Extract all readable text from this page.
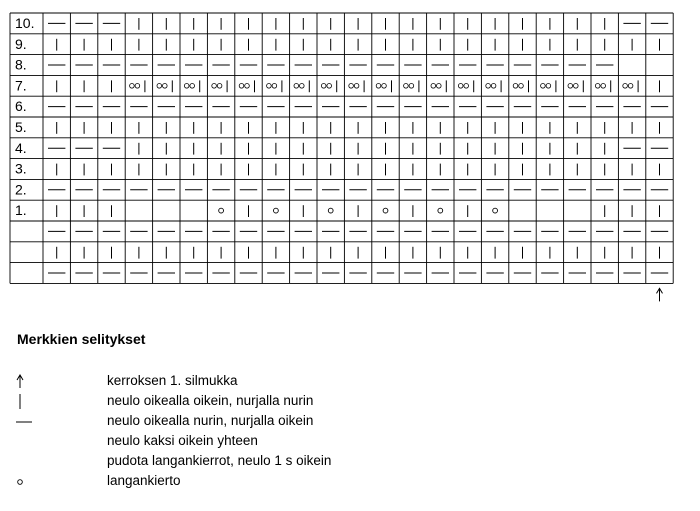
10.
9.
8.
7.
6.
5.
4.
3.
2.
1.
Merkkien selitykset
kerroksen 1. silmukka
neulo oikealla oikein, nurjalla nurin
neulo oikealla nurin, nurjalla oikein
neulo kaksi oikein yhteen
pudota langankierrot, neulo 1 s oikein
langankierto
